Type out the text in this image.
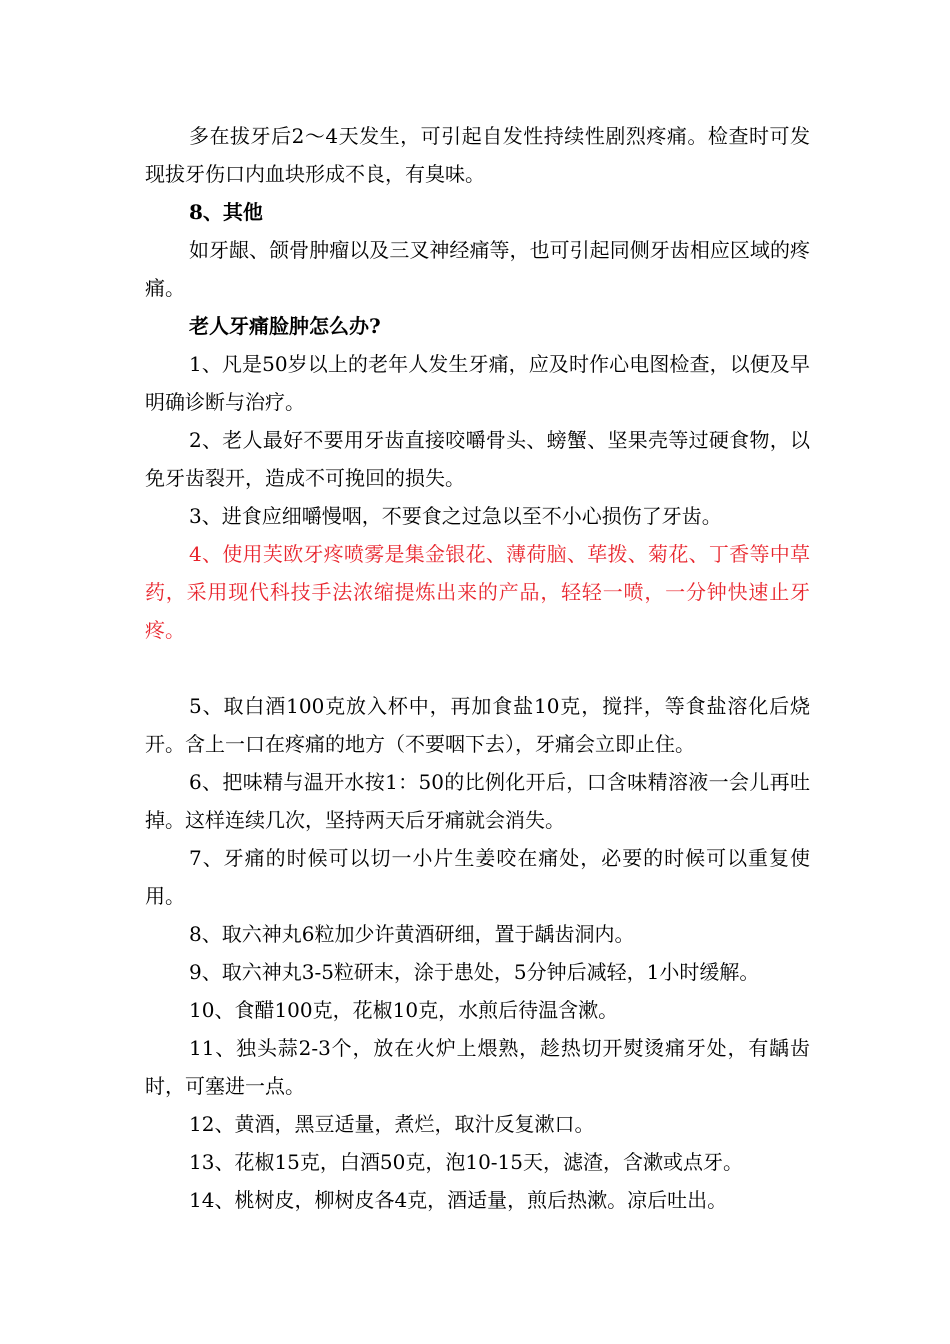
多在拔牙后2～4天发生，可引起自发性持续性剧烈疼痛。检查时可发现拔牙伤口内血块形成不良，有臭味。

8、其他

如牙龈、颌骨肿瘤以及三叉神经痛等，也可引起同侧牙齿相应区域的疼痛。

老人牙痛脸肿怎么办?

1、凡是50岁以上的老年人发生牙痛，应及时作心电图检查，以便及早明确诊断与治疗。

2、老人最好不要用牙齿直接咬嚼骨头、螃蟹、坚果壳等过硬食物，以免牙齿裂开，造成不可挽回的损失。

3、进食应细嚼慢咽，不要食之过急以至不小心损伤了牙齿。

4、使用芙欧牙疼喷雾是集金银花、薄荷脑、荜拨、菊花、丁香等中草药，采用现代科技手法浓缩提炼出来的产品，轻轻一喷，一分钟快速止牙疼。

5、取白酒100克放入杯中，再加食盐10克，搅拌，等食盐溶化后烧开。含上一口在疼痛的地方（不要咽下去），牙痛会立即止住。

6、把味精与温开水按1：50的比例化开后，口含味精溶液一会儿再吐掉。这样连续几次，坚持两天后牙痛就会消失。

7、牙痛的时候可以切一小片生姜咬在痛处，必要的时候可以重复使用。

8、取六神丸6粒加少许黄酒研细，置于龋齿洞内。

9、取六神丸3-5粒研末，涂于患处，5分钟后减轻，1小时缓解。

10、食醋100克，花椒10克，水煎后待温含漱。

11、独头蒜2-3个，放在火炉上煨熟，趁热切开熨烫痛牙处，有龋齿时，可塞进一点。

12、黄酒，黑豆适量，煮烂，取汁反复漱口。

13、花椒15克，白酒50克，泡10-15天，滤渣，含漱或点牙。

14、桃树皮，柳树皮各4克，酒适量，煎后热漱。凉后吐出。
